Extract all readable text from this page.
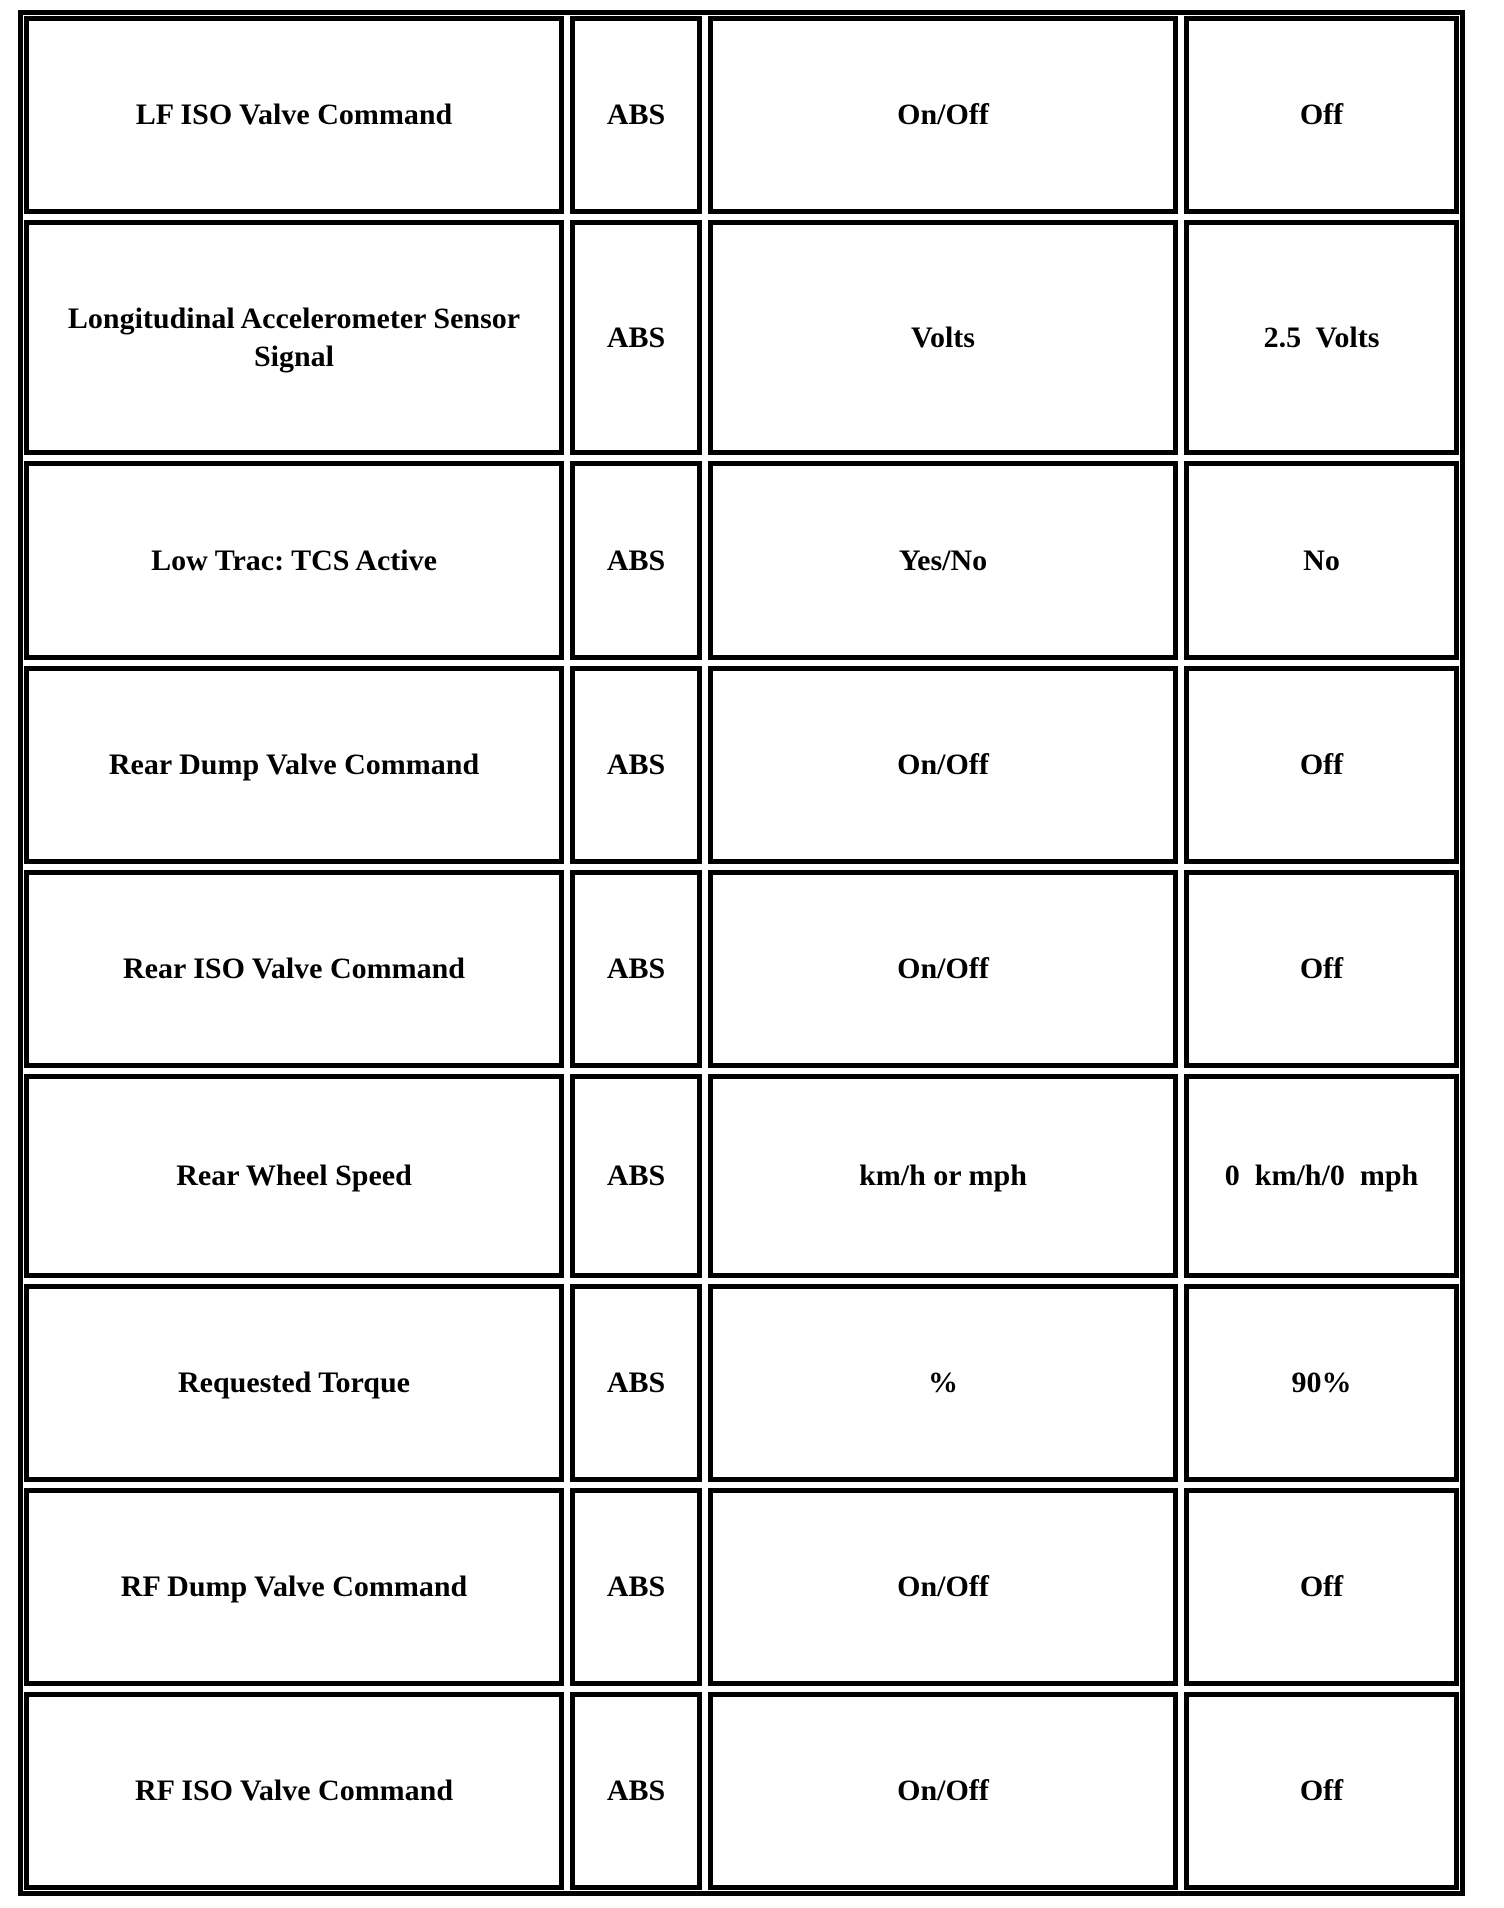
LF ISO Valve Command	ABS	On/Off	Off
Longitudinal Accelerometer Sensor Signal	ABS	Volts	2.5  Volts
Low Trac: TCS Active	ABS	Yes/No	No
Rear Dump Valve Command	ABS	On/Off	Off
Rear ISO Valve Command	ABS	On/Off	Off
Rear Wheel Speed	ABS	km/h or mph	0  km/h/0  mph
Requested Torque	ABS	%	90%
RF Dump Valve Command	ABS	On/Off	Off
RF ISO Valve Command	ABS	On/Off	Off
